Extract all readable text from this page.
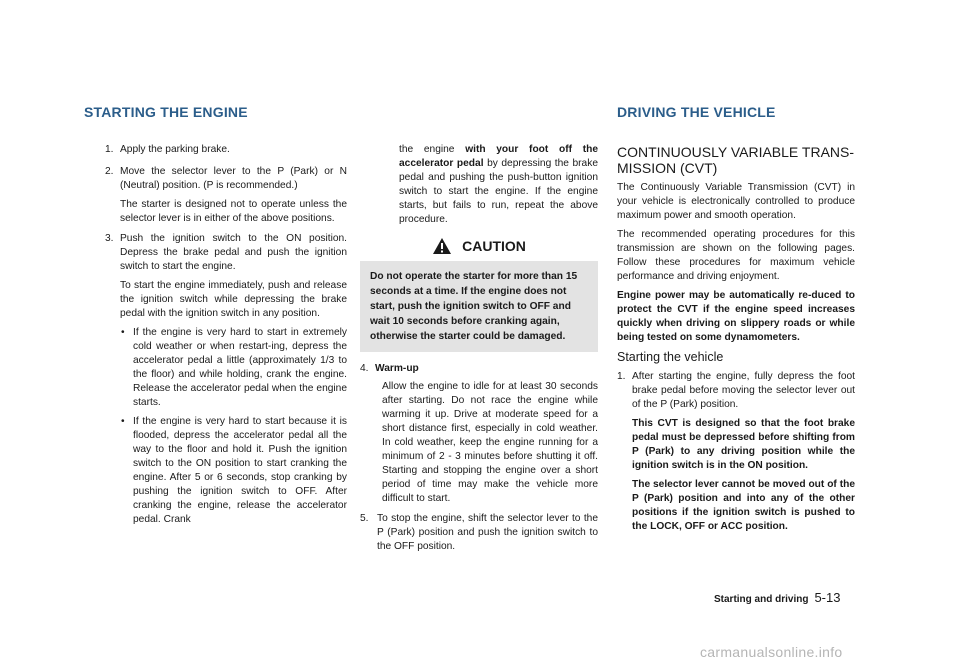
STARTING THE ENGINE	DRIVING THE VEHICLE

1. Apply the parking brake.

2. Move the selector lever to the P (Park) or N (Neutral) position. (P is recommended.)

The starter is designed not to operate unless the selector lever is in either of the above positions.

3. Push the ignition switch to the ON position. Depress the brake pedal and push the ignition switch to start the engine.

To start the engine immediately, push and release the ignition switch while depressing the brake pedal with the ignition switch in any position.

• If the engine is very hard to start in extremely cold weather or when restart-ing, depress the accelerator pedal a little (approximately 1/3 to the floor) and while holding, crank the engine. Release the accelerator pedal when the engine starts.

• If the engine is very hard to start because it is flooded, depress the accelerator pedal all the way to the floor and hold it. Push the ignition switch to the ON position to start cranking the engine. After 5 or 6 seconds, stop cranking by pushing the ignition switch to OFF. After cranking the engine, release the accelerator pedal. Crank

the engine with your foot off the accelerator pedal by depressing the brake pedal and pushing the push-button ignition switch to start the engine. If the engine starts, but fails to run, repeat the above procedure.

CAUTION
Do not operate the starter for more than 15 seconds at a time. If the engine does not start, push the ignition switch to OFF and wait 10 seconds before cranking again, otherwise the starter could be damaged.

4. Warm-up

Allow the engine to idle for at least 30 seconds after starting. Do not race the engine while warming it up. Drive at moderate speed for a short distance first, especially in cold weather. In cold weather, keep the engine running for a minimum of 2 - 3 minutes before shutting it off. Starting and stopping the engine over a short period of time may make the vehicle more difficult to start.

5. To stop the engine, shift the selector lever to the P (Park) position and push the ignition switch to the OFF position.

CONTINUOUSLY VARIABLE TRANS-MISSION (CVT)

The Continuously Variable Transmission (CVT) in your vehicle is electronically controlled to produce maximum power and smooth operation.

The recommended operating procedures for this transmission are shown on the following pages. Follow these procedures for maximum vehicle performance and driving enjoyment.

Engine power may be automatically re-duced to protect the CVT if the engine speed increases quickly when driving on slippery roads or while being tested on some dynamometers.

Starting the vehicle

1. After starting the engine, fully depress the foot brake pedal before moving the selector lever out of the P (Park) position.

This CVT is designed so that the foot brake pedal must be depressed before shifting from P (Park) to any driving position while the ignition switch is in the ON position.

The selector lever cannot be moved out of the P (Park) position and into any of the other positions if the ignition switch is pushed to the LOCK, OFF or ACC position.

Starting and driving 5-13
carmanualsonline.info
